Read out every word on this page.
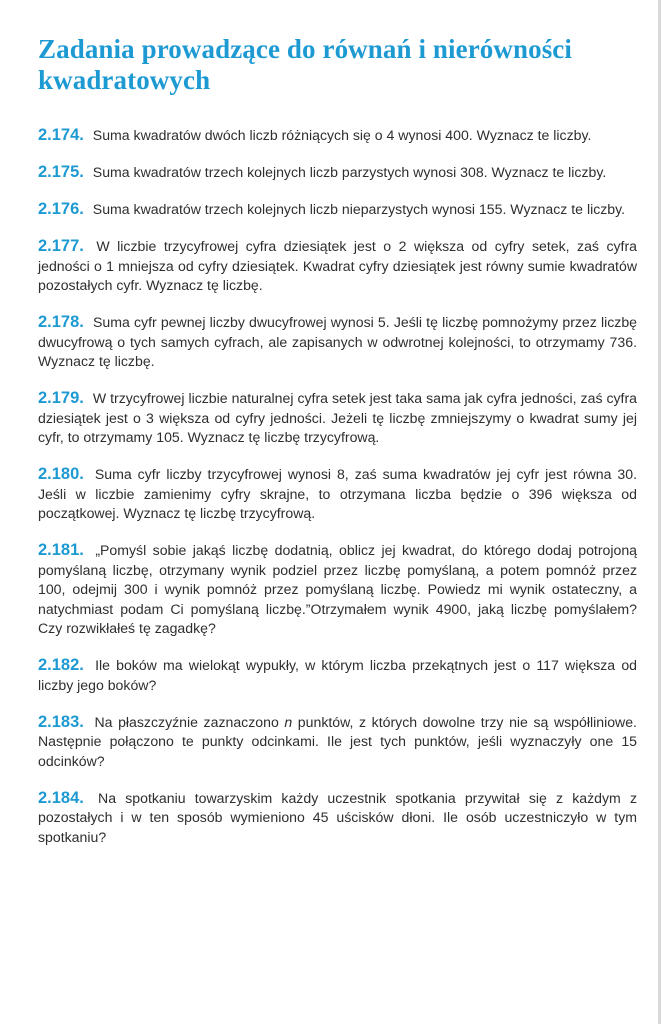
Zadania prowadzące do równań i nierówności kwadratowych
2.174. Suma kwadratów dwóch liczb różniących się o 4 wynosi 400. Wyznacz te liczby.
2.175. Suma kwadratów trzech kolejnych liczb parzystych wynosi 308. Wyznacz te liczby.
2.176. Suma kwadratów trzech kolejnych liczb nieparzystych wynosi 155. Wyznacz te liczby.
2.177. W liczbie trzycyfrowej cyfra dziesiątek jest o 2 większa od cyfry setek, zaś cyfra jedności o 1 mniejsza od cyfry dziesiątek. Kwadrat cyfry dziesiątek jest równy sumie kwadratów pozostałych cyfr. Wyznacz tę liczbę.
2.178. Suma cyfr pewnej liczby dwucyfrowej wynosi 5. Jeśli tę liczbę pomnożymy przez liczbę dwucyfrową o tych samych cyfrach, ale zapisanych w odwrotnej kolejności, to otrzymamy 736. Wyznacz tę liczbę.
2.179. W trzycyfrowej liczbie naturalnej cyfra setek jest taka sama jak cyfra jedności, zaś cyfra dziesiątek jest o 3 większa od cyfry jedności. Jeżeli tę liczbę zmniejszymy o kwadrat sumy jej cyfr, to otrzymamy 105. Wyznacz tę liczbę trzycyfrową.
2.180. Suma cyfr liczby trzycyfrowej wynosi 8, zaś suma kwadratów jej cyfr jest równa 30. Jeśli w liczbie zamienimy cyfry skrajne, to otrzymana liczba będzie o 396 większa od początkowej. Wyznacz tę liczbę trzycyfrową.
2.181. „Pomyśl sobie jakąś liczbę dodatnią, oblicz jej kwadrat, do którego dodaj potrojoną pomyślaną liczbę, otrzymany wynik podziel przez liczbę pomyślaną, a potem pomnóż przez 100, odejmij 300 i wynik pomnóż przez pomyślaną liczbę. Powiedz mi wynik ostateczny, a natychmiast podam Ci pomyślaną liczbę.”Otrzymałem wynik 4900, jaką liczbę pomyślałem? Czy rozwikłałeś tę zagadkę?
2.182. Ile boków ma wielokąt wypukły, w którym liczba przekątnych jest o 117 większa od liczby jego boków?
2.183. Na płaszczyźnie zaznaczono n punktów, z których dowolne trzy nie są współliniowe. Następnie połączono te punkty odcinkami. Ile jest tych punktów, jeśli wyznaczyły one 15 odcinków?
2.184. Na spotkaniu towarzyskim każdy uczestnik spotkania przywitał się z każdym z pozostałych i w ten sposób wymieniono 45 uścisków dłoni. Ile osób uczestniczyło w tym spotkaniu?
